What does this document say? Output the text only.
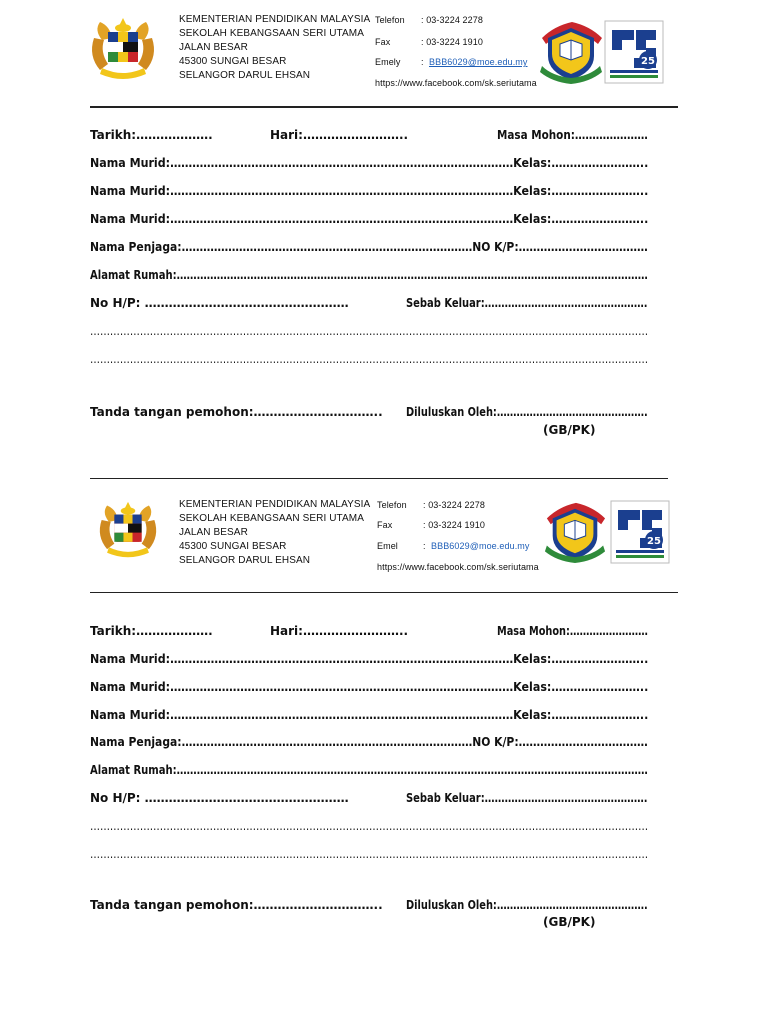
KEMENTERIAN PENDIDIKAN MALAYSIA
SEKOLAH KEBANGSAAN SERI UTAMA
JALAN BESAR
45300 SUNGAI BESAR
SELANGOR DARUL EHSAN
Telefon : 03-3224 2278
Fax	: 03-3224 1910
Emely : BBB6029@moe.edu.my
https://www.facebook.com/sk.seriutama
25
Tarikh:……………….	Hari:……………………..	Masa Mohon:…………………
Nama Murid:…………………………………………………………………………………Kelas:……………………..
Nama Murid:…………………………………………………………………………………Kelas:……………………..
Nama Murid:…………………………………………………………………………………Kelas:……………………..
Nama Penjaga:………………………………………………………………………NO K/P:………………………………
Alamat Rumah:……………………………………………………………………………………………………………………………
No H/P: ……………………………………………	Sebab Keluar:………………………………………….
……………………………………………………………………………………………………………………………………………………
……………………………………………………………………………………………………………………………………………………
Tanda tangan pemohon:………………………….. Diluluskan Oleh:……………………………………….
(GB/PK)
KEMENTERIAN PENDIDIKAN MALAYSIA
SEKOLAH KEBANGSAAN SERI UTAMA
JALAN BESAR
45300 SUNGAI BESAR
SELANGOR DARUL EHSAN
Telefon : 03-3224 2278
Fax	: 03-3224 1910
Emel	: BBB6029@moe.edu.my
https://www.facebook.com/sk.seriutama
25
Tarikh:……………….	Hari:……………………..	Masa Mohon:……………………
Nama Murid:…………………………………………………………………………………Kelas:……………………..
Nama Murid:…………………………………………………………………………………Kelas:……………………..
Nama Murid:…………………………………………………………………………………Kelas:……………………..
Nama Penjaga:………………………………………………………………………NO K/P:………………………………
Alamat Rumah:……………………………………………………………………………………………………………………………
No H/P: ……………………………………………	Sebab Keluar:………………………………………….
……………………………………………………………………………………………………………………………………………………
……………………………………………………………………………………………………………………………………………………
Tanda tangan pemohon:………………………….. Diluluskan Oleh:……………………………………….
(GB/PK)
